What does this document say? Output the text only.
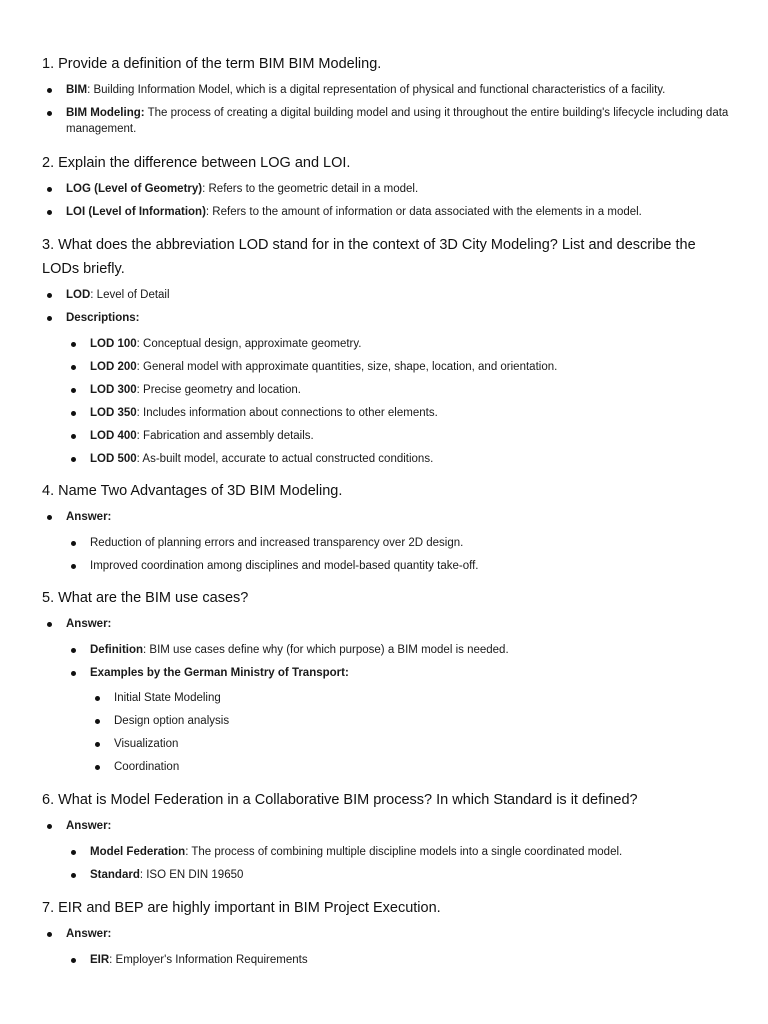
1. Provide a definition of the term BIM BIM Modeling.
BIM: Building Information Model, which is a digital representation of physical and functional characteristics of a facility.
BIM Modeling: The process of creating a digital building model and using it throughout the entire building's lifecycle including data management.
2. Explain the difference between LOG and LOI.
LOG (Level of Geometry): Refers to the geometric detail in a model.
LOI (Level of Information): Refers to the amount of information or data associated with the elements in a model.
3. What does the abbreviation LOD stand for in the context of 3D City Modeling? List and describe the LODs briefly.
LOD: Level of Detail
Descriptions:
LOD 100: Conceptual design, approximate geometry.
LOD 200: General model with approximate quantities, size, shape, location, and orientation.
LOD 300: Precise geometry and location.
LOD 350: Includes information about connections to other elements.
LOD 400: Fabrication and assembly details.
LOD 500: As-built model, accurate to actual constructed conditions.
4. Name Two Advantages of 3D BIM Modeling.
Answer:
Reduction of planning errors and increased transparency over 2D design.
Improved coordination among disciplines and model-based quantity take-off.
5. What are the BIM use cases?
Answer:
Definition: BIM use cases define why (for which purpose) a BIM model is needed.
Examples by the German Ministry of Transport:
Initial State Modeling
Design option analysis
Visualization
Coordination
6. What is Model Federation in a Collaborative BIM process? In which Standard is it defined?
Answer:
Model Federation: The process of combining multiple discipline models into a single coordinated model.
Standard: ISO EN DIN 19650
7. EIR and BEP are highly important in BIM Project Execution.
Answer:
EIR: Employer's Information Requirements
